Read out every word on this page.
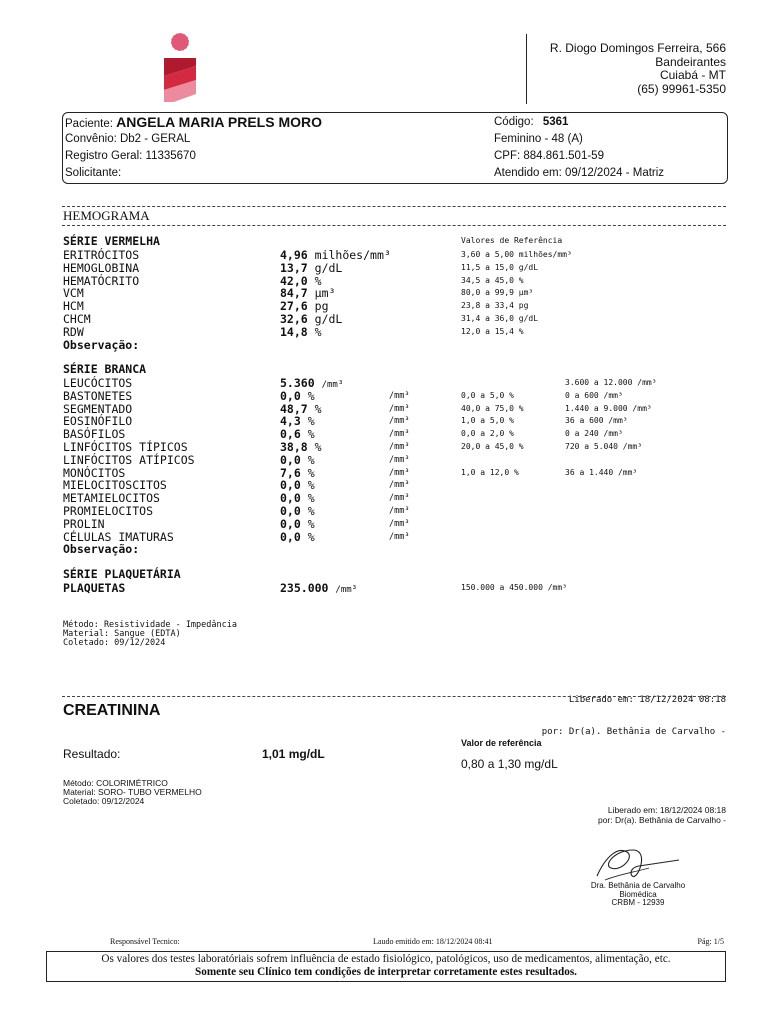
R. Diogo Domingos Ferreira, 566
Bandeirantes
Cuiabá - MT
(65) 99961-5350
Paciente: ANGELA MARIA PRELS MORO	Código: 5361
Convênio: Db2 - GERAL	Feminino - 48 (A)
Registro Geral: 11335670	CPF: 884.861.501-59
Solicitante:	Atendido em: 09/12/2024 - Matriz
HEMOGRAMA
SÉRIE VERMELHA	Valores de Referência
ERITRÓCITOS	4,96 milhões/mm³	3,60 a 5,00 milhões/mm³
HEMOGLOBINA	13,7 g/dL	11,5 a 15,0 g/dL
HEMATÓCRITO	42,0 %	34,5 a 45,0 %
VCM	84,7 µm³	80,0 a 99,9 µm³
HCM	27,6 pg	23,8 a 33,4 pg
CHCM	32,6 g/dL	31,4 a 36,0 g/dL
RDW	14,8 %	12,0 a 15,4 %
Observação:
SÉRIE BRANCA
LEUCÓCITOS	5.360 /mm³	3.600 a 12.000 /mm³
BASTONETES	0,0 %	/mm³	0,0 a 5,0 %	0 a 600 /mm³
SEGMENTADO	48,7 %	/mm³	40,0 a 75,0 %	1.440 a 9.000 /mm³
EOSINÓFILO	4,3 %	/mm³	1,0 a 5,0 %	36 a 600 /mm³
BASÓFILOS	0,6 %	/mm³	0,0 a 2,0 %	0 a 240 /mm³
LINFÓCITOS TÍPICOS	38,8 %	/mm³	20,0 a 45,0 %	720 a 5.040 /mm³
LINFÓCITOS ATÍPICOS	0,0 %	/mm³
MONÓCITOS	7,6 %	/mm³	1,0 a 12,0 %	36 a 1.440 /mm³
MIELOCITOSCITOS	0,0 %	/mm³
METAMIELOCITOS	0,0 %	/mm³
PROMIELOCITOS	0,0 %	/mm³
PROLIN	0,0 %	/mm³
CÉLULAS IMATURAS	0,0 %	/mm³
Observação:
SÉRIE PLAQUETÁRIA
PLAQUETAS	235.000 /mm³	150.000 a 450.000 /mm³
Método: Resistividade - Impedância
Material: Sangue (EDTA)
Coletado: 09/12/2024

Liberado em: 18/12/2024 08:18

por: Dr(a). Bethânia de Carvalho -

CREATININA
Valor de referência
Resultado:	1,01 mg/dL
0,80 a 1,30 mg/dL
Método: COLORIMÉTRICO
Material: SORO- TUBO VERMELHO
Coletado: 09/12/2024
Liberado em: 18/12/2024 08:18
por: Dr(a). Bethânia de Carvalho -
Dra. Bethânia de Carvalho
Biomédica
CRBM - 12939
Responsável Tecnico:	Laudo emitido em: 18/12/2024 08:41	Pág: 1/5
Os valores dos testes laboratóriais sofrem influência de estado fisiológico, patológicos, uso de medicamentos, alimentação, etc.
Somente seu Clínico tem condições de interpretar corretamente estes resultados.
